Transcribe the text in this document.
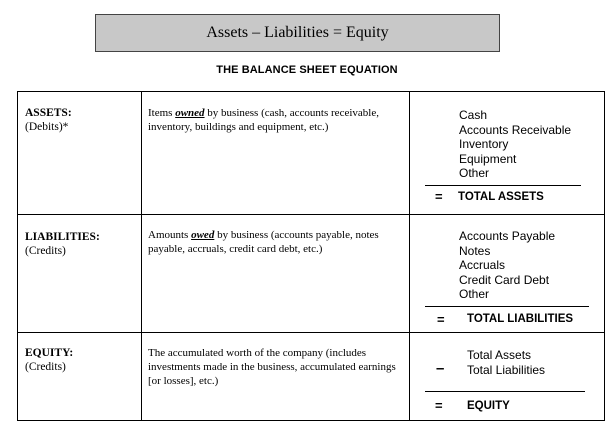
Assets – Liabilities = Equity
THE BALANCE SHEET EQUATION
ASSETS:
(Debits)*
Items owned by business (cash, accounts receivable, inventory, buildings and equipment, etc.)
Cash
Accounts Receivable
Inventory
Equipment
Other
= TOTAL ASSETS
LIABILITIES:
(Credits)
Amounts owed by business (accounts payable, notes payable, accruals, credit card debt, etc.)
Accounts Payable
Notes
Accruals
Credit Card Debt
Other
= TOTAL LIABILITIES
EQUITY:
(Credits)
The accumulated worth of the company (includes investments made in the business, accumulated earnings [or losses], etc.)
Total Assets
Total Liabilities
–
= EQUITY
